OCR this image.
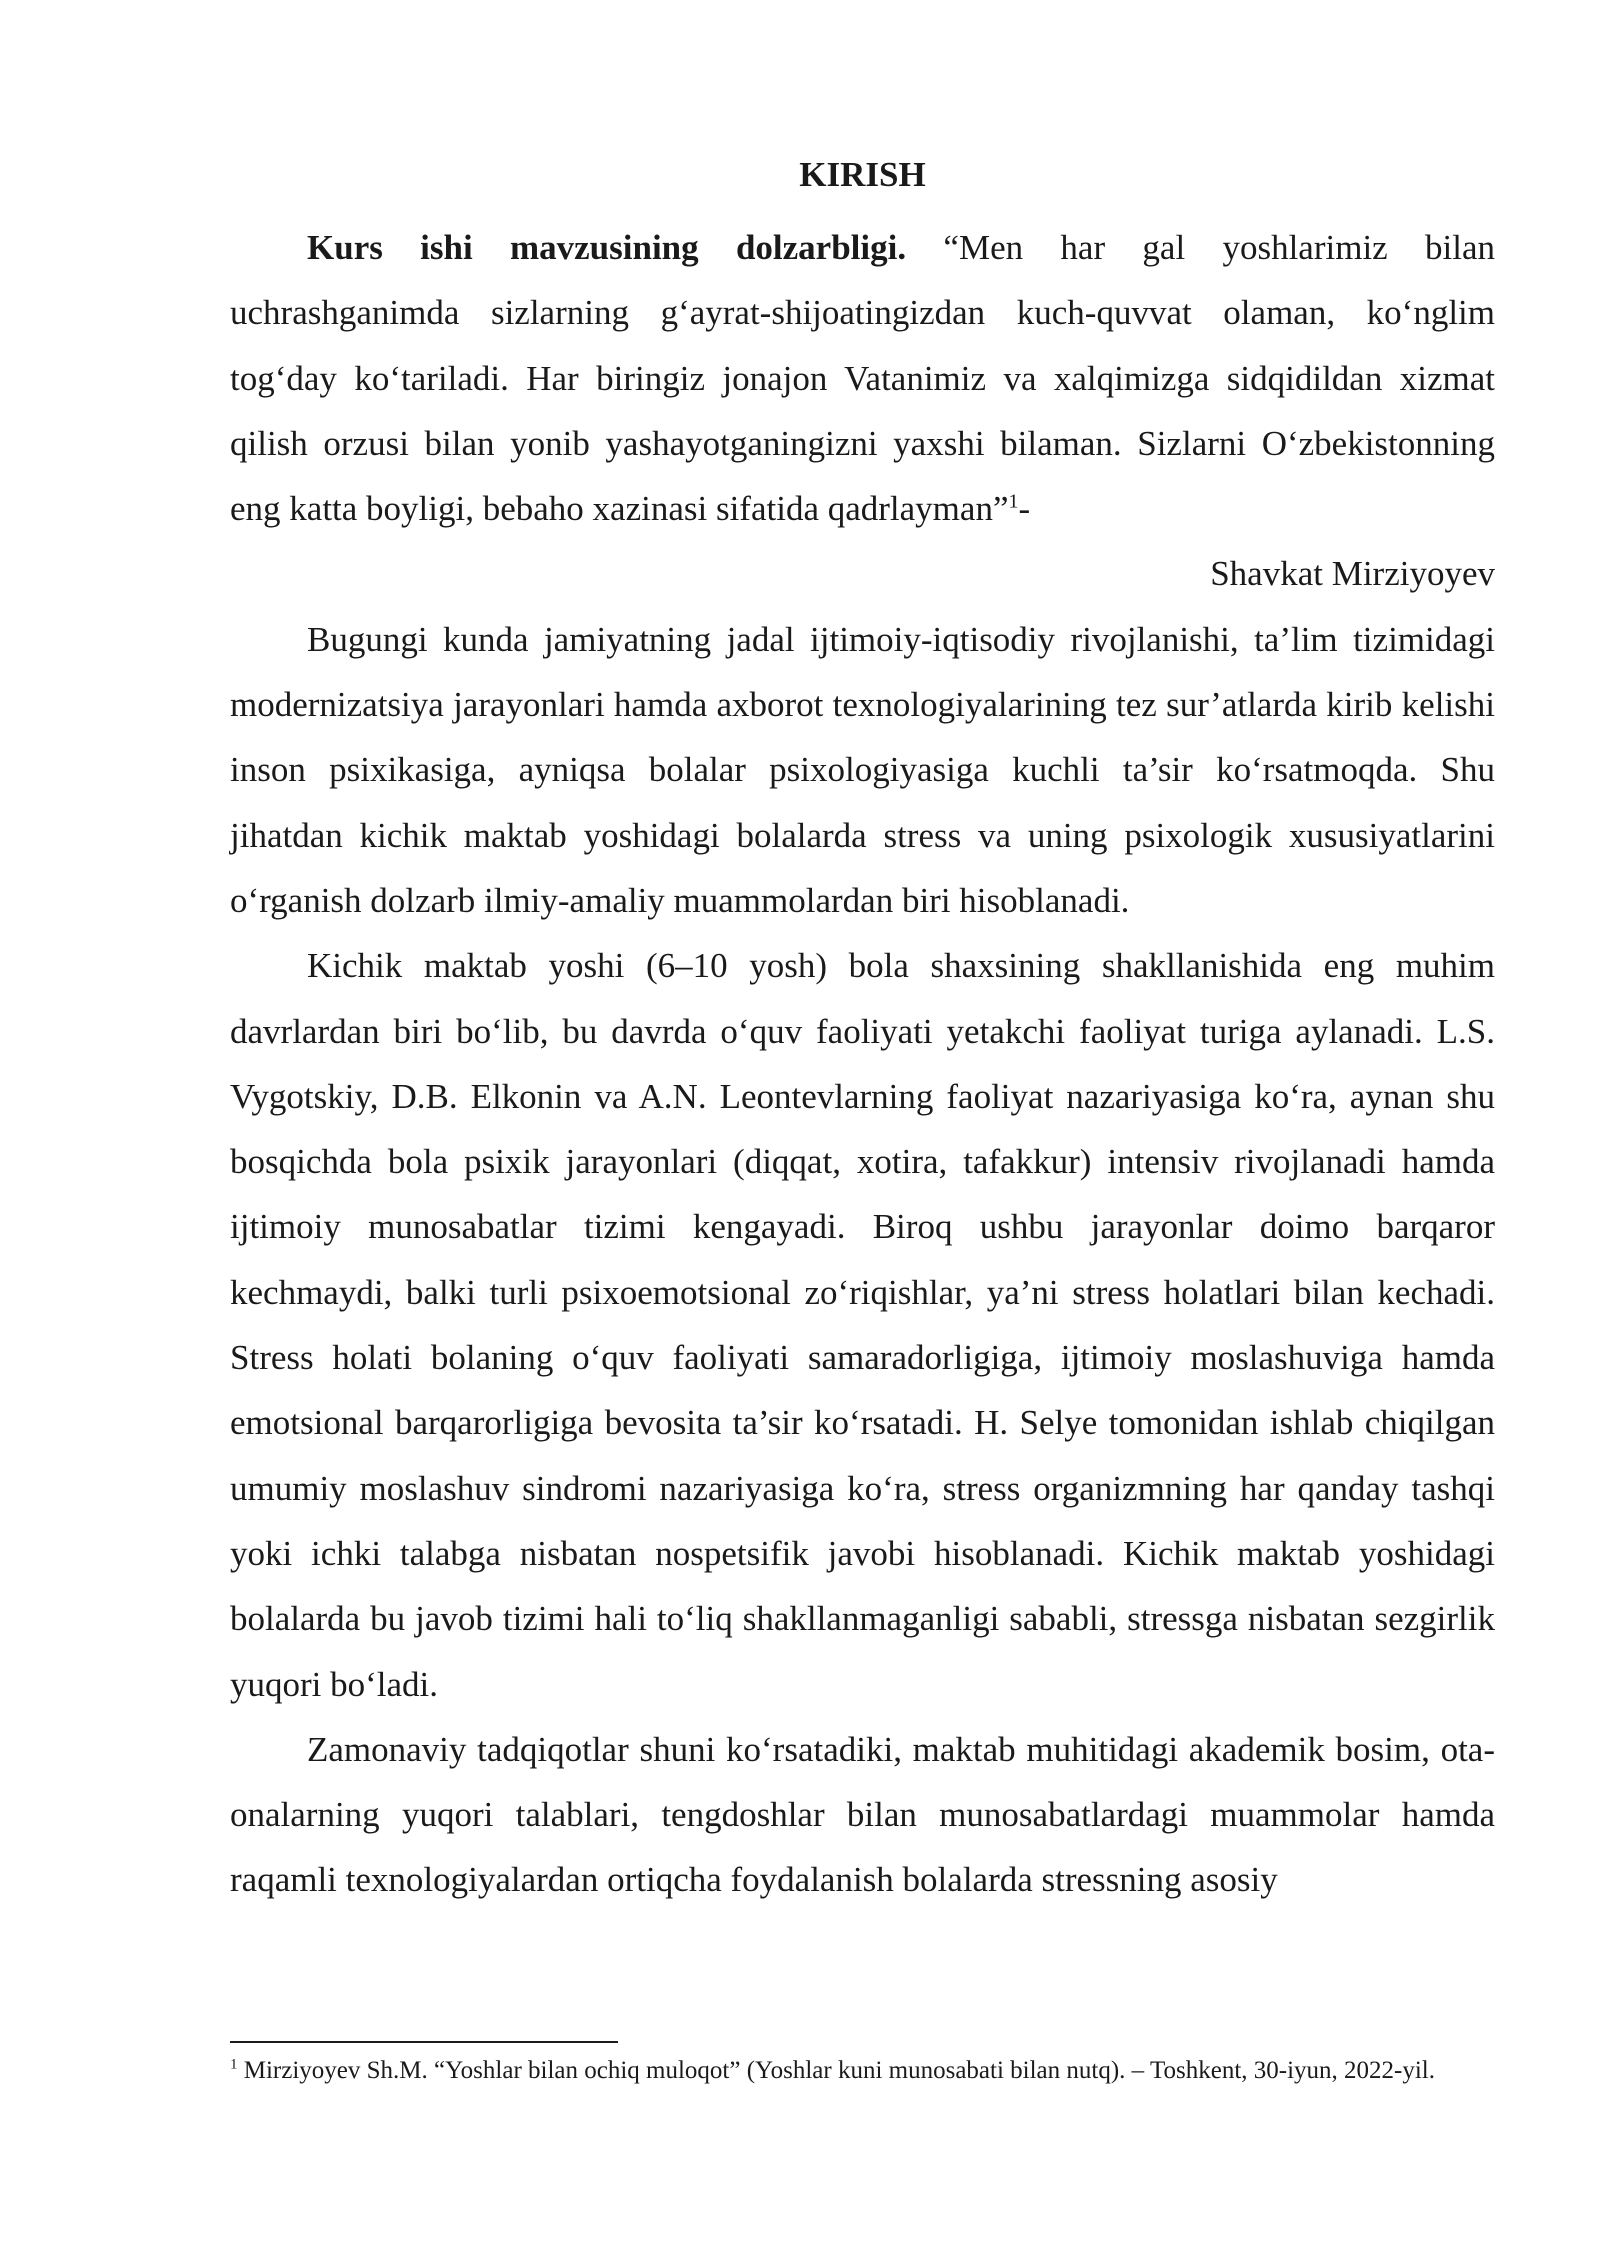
KIRISH

Kurs ishi mavzusining dolzarbligi. “Men har gal yoshlarimiz bilan uchrashganimda sizlarning g‘ayrat-shijoatingizdan kuch-quvvat olaman, ko‘nglim tog‘day ko‘tariladi. Har biringiz jonajon Vatanimiz va xalqimizga sidqidildan xizmat qilish orzusi bilan yonib yashayotganingizni yaxshi bilaman. Sizlarni O‘zbekistonning eng katta boyligi, bebaho xazinasi sifatida qadrlayman”$^1$-

Shavkat Mirziyoyev

Bugungi kunda jamiyatning jadal ijtimoiy-iqtisodiy rivojlanishi, ta’lim tizimidagi modernizatsiya jarayonlari hamda axborot texnologiyalarining tez sur’atlarda kirib kelishi inson psixikasiga, ayniqsa bolalar psixologiyasiga kuchli ta’sir ko‘rsatmoqda. Shu jihatdan kichik maktab yoshidagi bolalarda stress va uning psixologik xususiyatlarini o‘rganish dolzarb ilmiy-amaliy muammolardan biri hisoblanadi.

Kichik maktab yoshi (6–10 yosh) bola shaxsining shakllanishida eng muhim davrlardan biri bo‘lib, bu davrda o‘quv faoliyati yetakchi faoliyat turiga aylanadi. L.S. Vygotskiy, D.B. Elkonin va A.N. Leontevlarning faoliyat nazariyasiga ko‘ra, aynan shu bosqichda bola psixik jarayonlari (diqqat, xotira, tafakkur) intensiv rivojlanadi hamda ijtimoiy munosabatlar tizimi kengayadi. Biroq ushbu jarayonlar doimo barqaror kechmaydi, balki turli psixoemotsional zo‘riqishlar, ya’ni stress holatlari bilan kechadi. Stress holati bolaning o‘quv faoliyati samaradorligiga, ijtimoiy moslashuviga hamda emotsional barqarorligiga bevosita ta’sir ko‘rsatadi. H. Selye tomonidan ishlab chiqilgan umumiy moslashuv sindromi nazariyasiga ko‘ra, stress organizmning har qanday tashqi yoki ichki talabga nisbatan nospetsifik javobi hisoblanadi. Kichik maktab yoshidagi bolalarda bu javob tizimi hali to‘liq shakllanmaganligi sababli, stressga nisbatan sezgirlik yuqori bo‘ladi.

Zamonaviy tadqiqotlar shuni ko‘rsatadiki, maktab muhitidagi akademik bosim, ota-onalarning yuqori talablari, tengdoshlar bilan munosabatlardagi muammolar hamda raqamli texnologiyalardan ortiqcha foydalanish bolalarda stressning asosiy

$^1$ Mirziyoyev Sh.M. “Yoshlar bilan ochiq muloqot” (Yoshlar kuni munosabati bilan nutq). – Toshkent, 30-iyun, 2022-yil.
